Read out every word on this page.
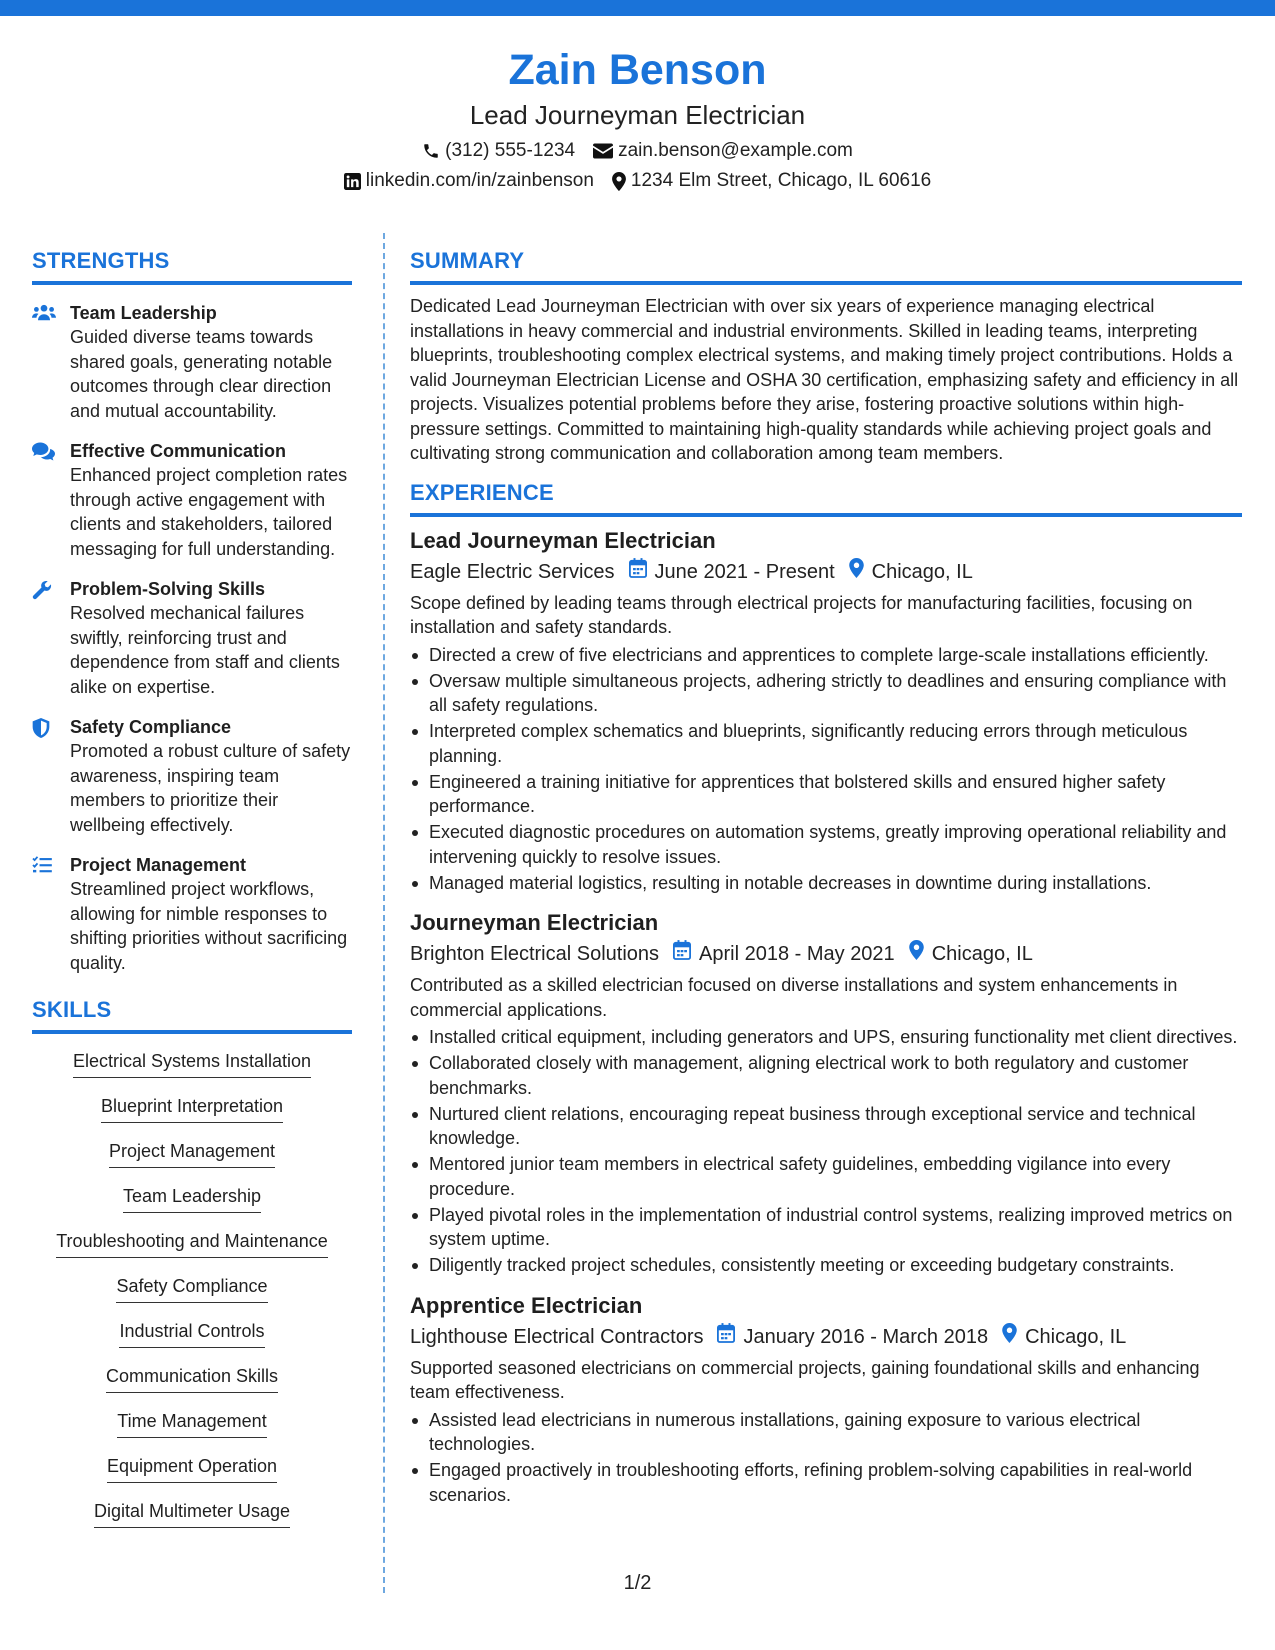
Zain Benson
Lead Journeyman Electrician
(312) 555-1234 zain.benson@example.com
linkedin.com/in/zainbenson 1234 Elm Street, Chicago, IL 60616
STRENGTHS
Team Leadership
Guided diverse teams towards shared goals, generating notable outcomes through clear direction and mutual accountability.
Effective Communication
Enhanced project completion rates through active engagement with clients and stakeholders, tailored messaging for full understanding.
Problem-Solving Skills
Resolved mechanical failures swiftly, reinforcing trust and dependence from staff and clients alike on expertise.
Safety Compliance
Promoted a robust culture of safety awareness, inspiring team members to prioritize their wellbeing effectively.
Project Management
Streamlined project workflows, allowing for nimble responses to shifting priorities without sacrificing quality.
SKILLS
Electrical Systems Installation
Blueprint Interpretation
Project Management
Team Leadership
Troubleshooting and Maintenance
Safety Compliance
Industrial Controls
Communication Skills
Time Management
Equipment Operation
Digital Multimeter Usage
SUMMARY

Dedicated Lead Journeyman Electrician with over six years of experience managing electrical installations in heavy commercial and industrial environments. Skilled in leading teams, interpreting blueprints, troubleshooting complex electrical systems, and making timely project contributions. Holds a valid Journeyman Electrician License and OSHA 30 certification, emphasizing safety and efficiency in all projects. Visualizes potential problems before they arise, fostering proactive solutions within high-pressure settings. Committed to maintaining high-quality standards while achieving project goals and cultivating strong communication and collaboration among team members.

EXPERIENCE
Lead Journeyman Electrician
Eagle Electric Services June 2021 - Present Chicago, IL

Scope defined by leading teams through electrical projects for manufacturing facilities, focusing on installation and safety standards.

Directed a crew of five electricians and apprentices to complete large-scale installations efficiently.
Oversaw multiple simultaneous projects, adhering strictly to deadlines and ensuring compliance with all safety regulations.
Interpreted complex schematics and blueprints, significantly reducing errors through meticulous planning.
Engineered a training initiative for apprentices that bolstered skills and ensured higher safety performance.
Executed diagnostic procedures on automation systems, greatly improving operational reliability and intervening quickly to resolve issues.
Managed material logistics, resulting in notable decreases in downtime during installations.
Journeyman Electrician
Brighton Electrical Solutions April 2018 - May 2021 Chicago, IL

Contributed as a skilled electrician focused on diverse installations and system enhancements in commercial applications.

Installed critical equipment, including generators and UPS, ensuring functionality met client directives.
Collaborated closely with management, aligning electrical work to both regulatory and customer benchmarks.
Nurtured client relations, encouraging repeat business through exceptional service and technical knowledge.
Mentored junior team members in electrical safety guidelines, embedding vigilance into every procedure.
Played pivotal roles in the implementation of industrial control systems, realizing improved metrics on system uptime.
Diligently tracked project schedules, consistently meeting or exceeding budgetary constraints.
Apprentice Electrician
Lighthouse Electrical Contractors January 2016 - March 2018 Chicago, IL

Supported seasoned electricians on commercial projects, gaining foundational skills and enhancing team effectiveness.

Assisted lead electricians in numerous installations, gaining exposure to various electrical technologies.
Engaged proactively in troubleshooting efforts, refining problem-solving capabilities in real-world scenarios.
1/2
